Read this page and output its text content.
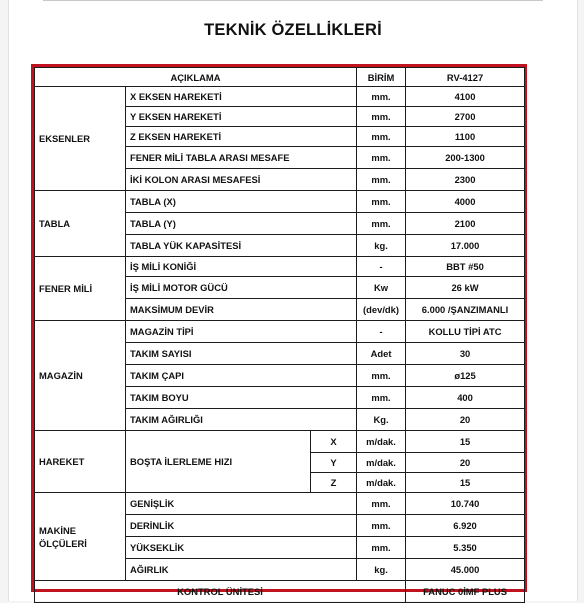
TEKNİK ÖZELLİKLERİ
AÇIKLAMA			BİRİM	RV-4127
EKSENLER	X EKSEN HAREKETİ		mm.	4100
	Y EKSEN HAREKETİ		mm.	2700
	Z EKSEN HAREKETİ		mm.	1100
	FENER MİLİ TABLA ARASI MESAFE		mm.	200-1300
	İKİ KOLON ARASI MESAFESİ		mm.	2300
TABLA	TABLA (X)		mm.	4000
	TABLA (Y)		mm.	2100
	TABLA YÜK KAPASİTESİ		kg.	17.000
FENER MİLİ	İŞ MİLİ KONİĞİ		-	BBT #50
	İŞ MİLİ MOTOR GÜCÜ		Kw	26 kW
	MAKSİMUM DEVİR		(dev/dk)	6.000 /ŞANZIMANLI
MAGAZİN	MAGAZİN TİPİ		-	KOLLU TİPİ ATC
	TAKIM SAYISI		Adet	30
	TAKIM ÇAPI		mm.	ø125
	TAKIM BOYU		mm.	400
	TAKIM AĞIRLIĞI		Kg.	20
HAREKET	BOŞTA İLERLEME HIZI	X	m/dak.	15
		Y	m/dak.	20
		Z	m/dak.	15
MAKİNE
ÖLÇÜLERİ	GENİŞLİK		mm.	10.740
	DERİNLİK		mm.	6.920
	YÜKSEKLİK		mm.	5.350
	AĞIRLIK		kg.	45.000
KONTROL ÜNİTESİ				FANUC 0İMF PLUS
